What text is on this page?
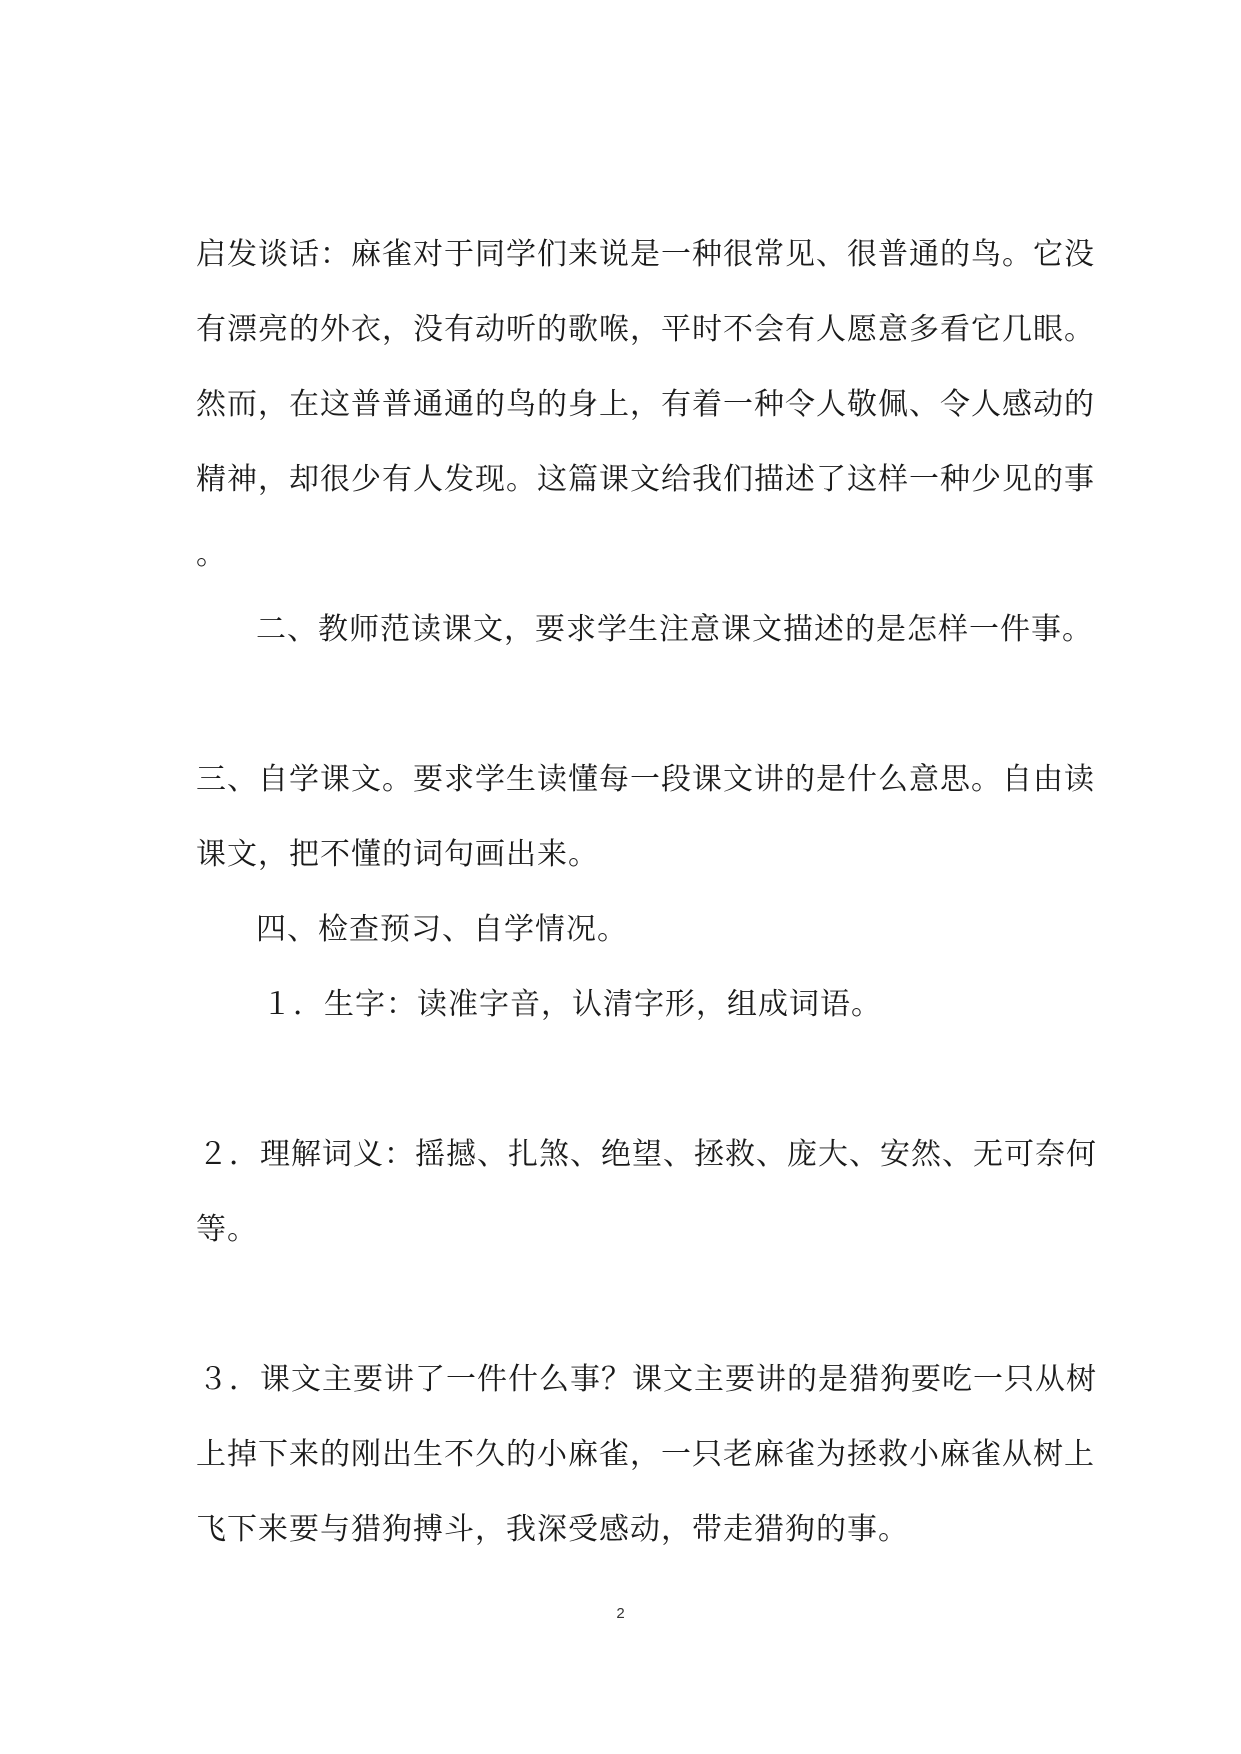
启发谈话：麻雀对于同学们来说是一种很常见、很普通的鸟。它没
有漂亮的外衣，没有动听的歌喉，平时不会有人愿意多看它几眼。
然而，在这普普通通的鸟的身上，有着一种令人敬佩、令人感动的
精神，却很少有人发现。这篇课文给我们描述了这样一种少见的事
。
二、教师范读课文，要求学生注意课文描述的是怎样一件事。
三、自学课文。要求学生读懂每一段课文讲的是什么意思。自由读
课文，把不懂的词句画出来。
四、检查预习、自学情况。
１．生字：读准字音，认清字形，组成词语。
２．理解词义：摇撼、扎煞、绝望、拯救、庞大、安然、无可奈何
等。
３．课文主要讲了一件什么事？课文主要讲的是猎狗要吃一只从树
上掉下来的刚出生不久的小麻雀，一只老麻雀为拯救小麻雀从树上
飞下来要与猎狗搏斗，我深受感动，带走猎狗的事。
2
